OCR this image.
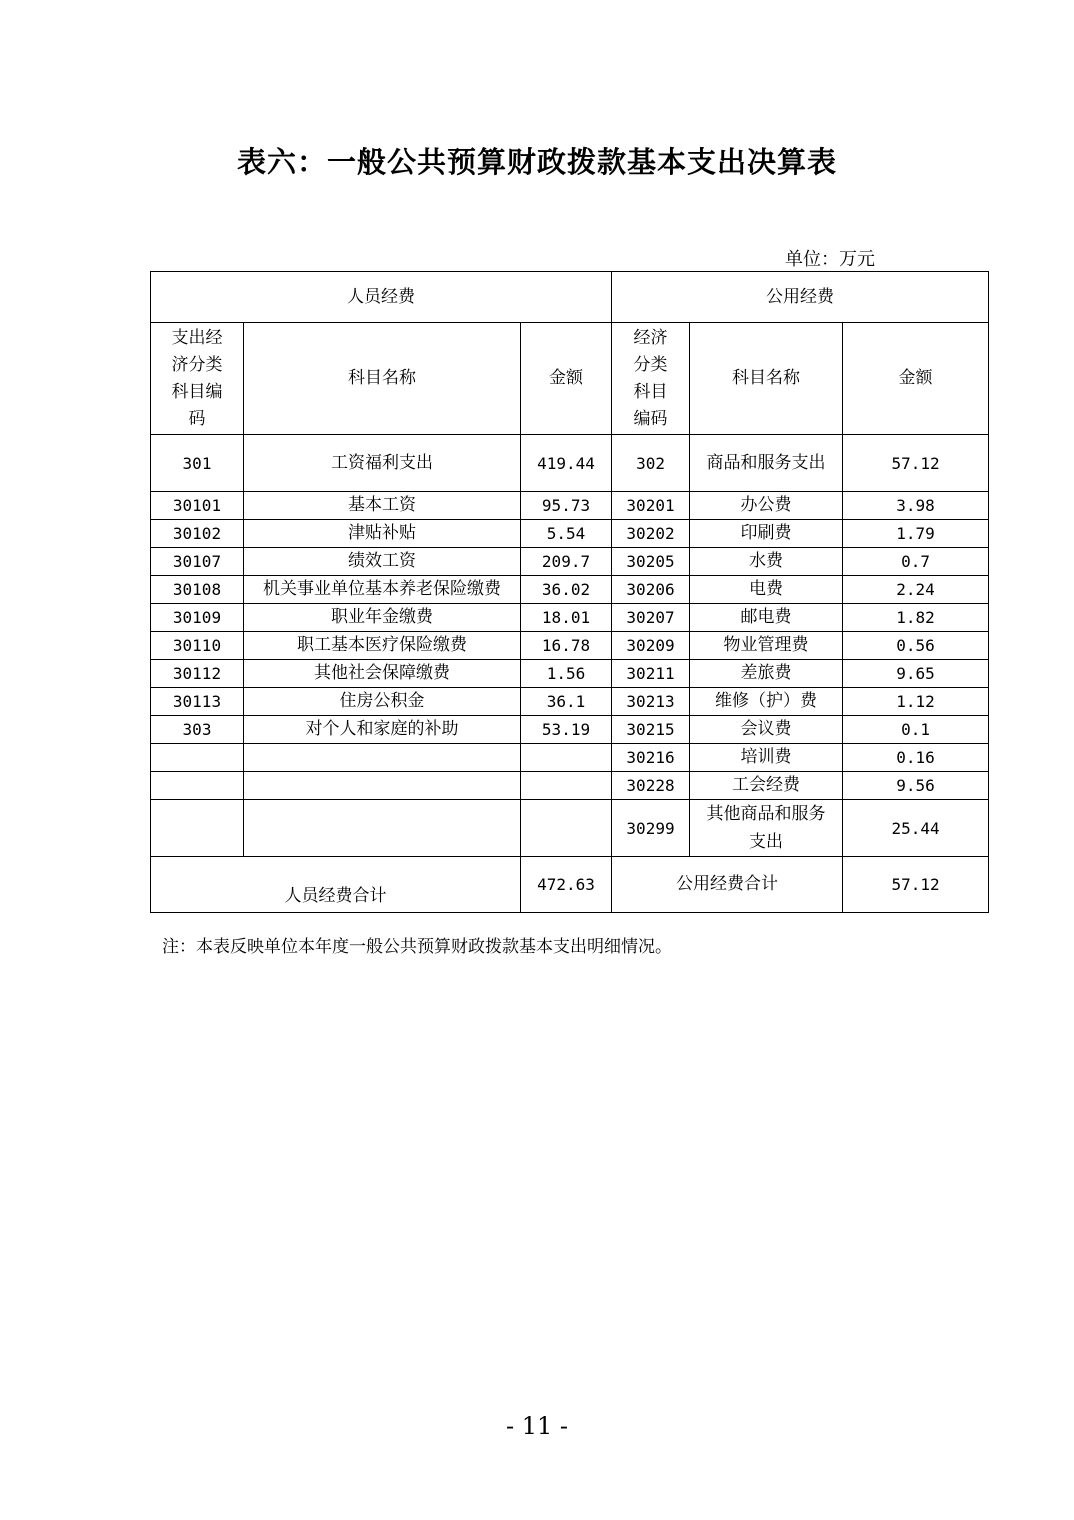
表六：一般公共预算财政拨款基本支出决算表
单位：万元
人员经费			公用经费		

支出经济分类科目编码	科目名称	金额	经济分类科目编码	科目名称	金额
301	工资福利支出	419.44	302	商品和服务支出	57.12
30101	基本工资	95.73	30201	办公费	3.98
30102	津贴补贴	5.54	30202	印刷费	1.79
30107	绩效工资	209.7	30205	水费	0.7
30108	机关事业单位基本养老保险缴费	36.02	30206	电费	2.24
30109	职业年金缴费	18.01	30207	邮电费	1.82
30110	职工基本医疗保险缴费	16.78	30209	物业管理费	0.56
30112	其他社会保障缴费	1.56	30211	差旅费	9.65
30113	住房公积金	36.1	30213	维修（护）费	1.12
303	对个人和家庭的补助	53.19	30215	会议费	0.1
			30216	培训费	0.16
			30228	工会经费	9.56
			30299	其他商品和服务支出	25.44
人员经费合计		472.63	公用经费合计		57.12
注：本表反映单位本年度一般公共预算财政拨款基本支出明细情况。
- 11 -
